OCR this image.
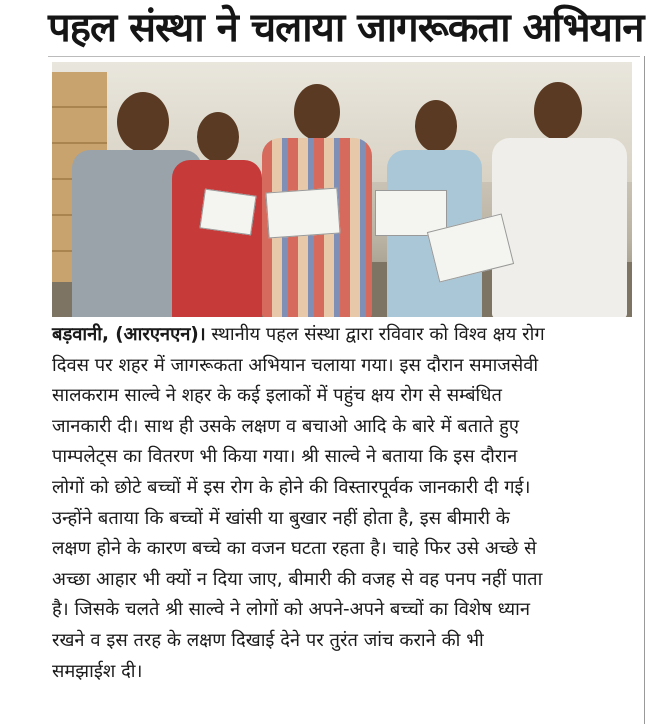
पहल संस्था ने चलाया जागरूकता अभियान
बड़वानी, (आरएनएन)। स्थानीय पहल संस्था द्वारा रविवार को विश्व क्षय रोग
दिवस पर शहर में जागरूकता अभियान चलाया गया। इस दौरान समाजसेवी
सालकराम साल्वे ने शहर के कई इलाकों में पहुंच क्षय रोग से सम्बंधित
जानकारी दी। साथ ही उसके लक्षण व बचाओ आदि के बारे में बताते हुए
पाम्पलेट्स का वितरण भी किया गया। श्री साल्वे ने बताया कि इस दौरान
लोगों को छोटे बच्चों में इस रोग के होने की विस्तारपूर्वक जानकारी दी गई।
उन्होंने बताया कि बच्चों में खांसी या बुखार नहीं होता है, इस बीमारी के
लक्षण होने के कारण बच्चे का वजन घटता रहता है। चाहे फिर उसे अच्छे से
अच्छा आहार भी क्यों न दिया जाए, बीमारी की वजह से वह पनप नहीं पाता
है। जिसके चलते श्री साल्वे ने लोगों को अपने-अपने बच्चों का विशेष ध्यान
रखने व इस तरह के लक्षण दिखाई देने पर तुरंत जांच कराने की भी
समझाईश दी।
